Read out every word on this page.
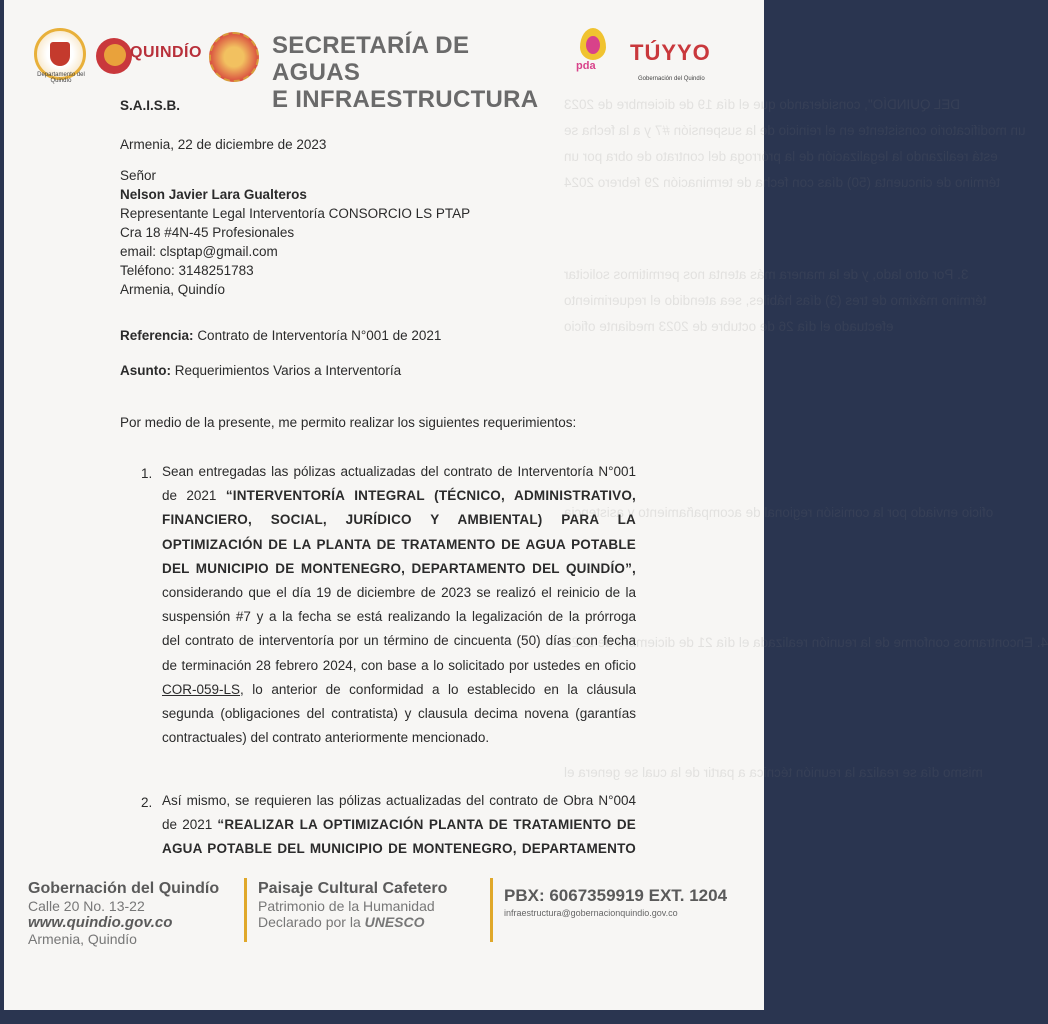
DEL QUINDÍO", considerando que el día 19 de diciembre de 2023
un modificatorio consistente en el reinicio de la suspensión #7 y a la fecha se
está realizando la legalización de la prórroga del contrato de obra por un
término de cincuenta (50) días con fecha de terminación 29 febrero 2024
3. Por otro lado, y de la manera más atenta nos permitimos solicitar
término máximo de tres (3) días hábiles, sea atendido el requerimiento
efectuado el día 26 de octubre de 2023 mediante oficio
oficio enviado por la comisión regional de acompañamiento y asistencia
4. Encontramos conforme de la reunión realizada el día 21 de diciembre de 2023
mismo día se realiza la reunión técnica a partir de la cual se genera el
Departamento del Quindío
QUINDÍO	SECRETARÍA DE AGUAS
E INFRAESTRUCTURA
pda
TÚYYO
Gobernación del Quindío
S.A.I.S.B.
Armenia, 22 de diciembre de 2023
Señor
Nelson Javier Lara Gualteros
Representante Legal Interventoría CONSORCIO LS PTAP
Cra 18 #4N-45 Profesionales
email: clsptap@gmail.com
Teléfono: 3148251783
Armenia, Quindío
Referencia: Contrato de Interventoría N°001 de 2021
Asunto: Requerimientos Varios a Interventoría
Por medio de la presente, me permito realizar los siguientes requerimientos:
1. Sean entregadas las pólizas actualizadas del contrato de Interventoría N°001
de 2021 “INTERVENTORÍA INTEGRAL (TÉCNICO, ADMINISTRATIVO,
FINANCIERO, SOCIAL, JURÍDICO Y AMBIENTAL) PARA LA
OPTIMIZACIÓN DE LA PLANTA DE TRATAMENTO DE AGUA POTABLE
DEL MUNICIPIO DE MONTENEGRO, DEPARTAMENTO DEL QUINDÍO”,
considerando que el día 19 de diciembre de 2023 se realizó el reinicio de la
suspensión #7 y a la fecha se está realizando la legalización de la prórroga
del contrato de interventoría por un término de cincuenta (50) días con fecha
de terminación 28 febrero 2024, con base a lo solicitado por ustedes en oficio
COR-059-LS, lo anterior de conformidad a lo establecido en la cláusula
segunda (obligaciones del contratista) y clausula decima novena (garantías
contractuales) del contrato anteriormente mencionado.
2. Así mismo, se requieren las pólizas actualizadas del contrato de Obra N°004
de 2021 “REALIZAR LA OPTIMIZACIÓN PLANTA DE TRATAMIENTO DE
AGUA POTABLE DEL MUNICIPIO DE MONTENEGRO, DEPARTAMENTO
Gobernación del Quindío
Calle 20 No. 13-22
www.quindio.gov.co
Armenia, Quindío
Paisaje Cultural Cafetero
Patrimonio de la Humanidad
Declarado por la UNESCO
PBX: 6067359919 EXT. 1204
infraestructura@gobernacionquindio.gov.co
